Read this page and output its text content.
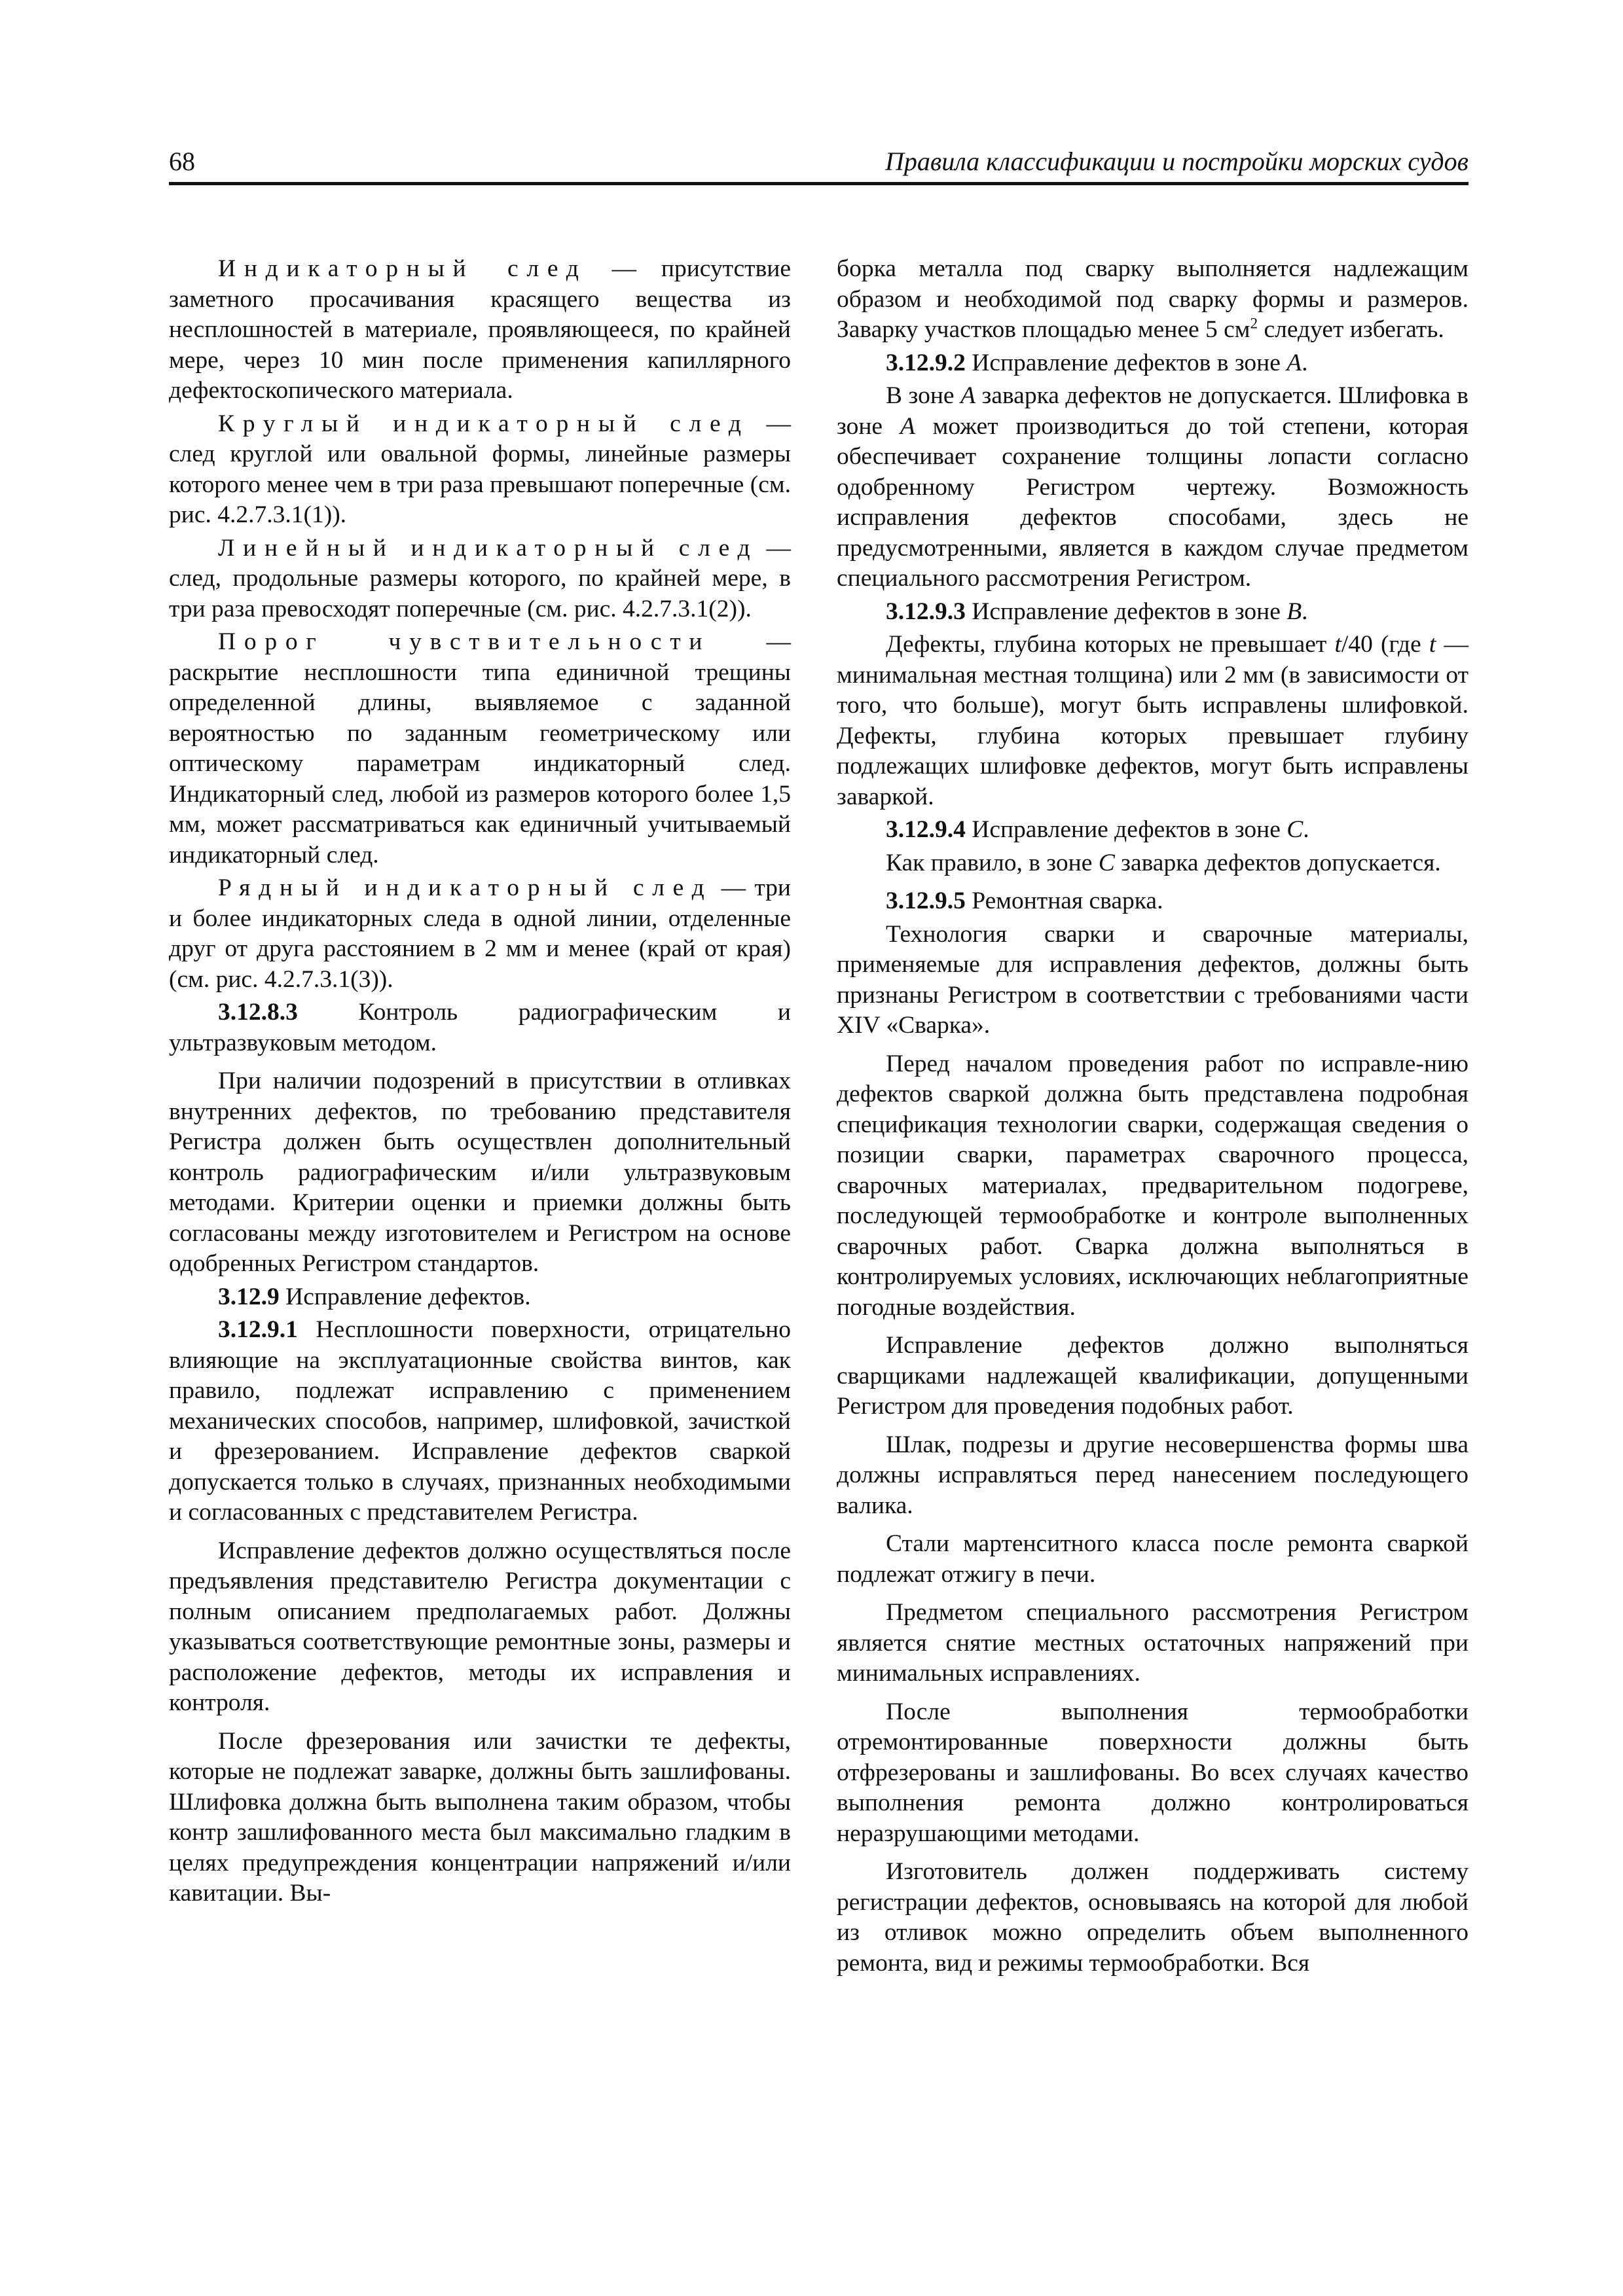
68	Правила классификации и постройки морских судов

Индикаторный след — присутствие заметного просачивания красящего вещества из несплошностей в материале, проявляющееся, по крайней мере, через 10 мин после применения капиллярного дефектоскопического материала.

Круглый индикаторный след — след круглой или овальной формы, линейные размеры которого менее чем в три раза превышают поперечные (см. рис. 4.2.7.3.1(1)).

Линейный индикаторный след — след, продольные размеры которого, по крайней мере, в три раза превосходят поперечные (см. рис. 4.2.7.3.1(2)).

Порог чувствительности — раскрытие несплошности типа единичной трещины определенной длины, выявляемое с заданной вероятностью по заданным геометрическому или оптическому параметрам индикаторный след. Индикаторный след, любой из размеров которого более 1,5 мм, может рассматриваться как единичный учитываемый индикаторный след.

Рядный индикаторный след — три и более индикаторных следа в одной линии, отделенные друг от друга расстоянием в 2 мм и менее (край от края) (см. рис. 4.2.7.3.1(3)).

3.12.8.3 Контроль радиографическим и ультразвуковым методом.

При наличии подозрений в присутствии в отливках внутренних дефектов, по требованию представителя Регистра должен быть осуществлен дополнительный контроль радиографическим и/или ультразвуковым методами. Критерии оценки и приемки должны быть согласованы между изготовителем и Регистром на основе одобренных Регистром стандартов.

3.12.9 Исправление дефектов.

3.12.9.1 Несплошности поверхности, отрицательно влияющие на эксплуатационные свойства винтов, как правило, подлежат исправлению с применением механических способов, например, шлифовкой, зачисткой и фрезерованием. Исправление дефектов сваркой допускается только в случаях, признанных необходимыми и согласованных с представителем Регистра.

Исправление дефектов должно осуществляться после предъявления представителю Регистра документации с полным описанием предполагаемых работ. Должны указываться соответствующие ремонтные зоны, размеры и расположение дефектов, методы их исправления и контроля.

После фрезерования или зачистки те дефекты, которые не подлежат заварке, должны быть зашлифованы. Шлифовка должна быть выполнена таким образом, чтобы контр зашлифованного места был максимально гладким в целях предупреждения концентрации напряжений и/или кавитации. Вы-

борка металла под сварку выполняется надлежащим образом и необходимой под сварку формы и размеров. Заварку участков площадью менее 5 $см^2$ следует избегать.

3.12.9.2 Исправление дефектов в зоне A.

В зоне A заварка дефектов не допускается. Шлифовка в зоне A может производиться до той степени, которая обеспечивает сохранение толщины лопасти согласно одобренному Регистром чертежу. Возможность исправления дефектов способами, здесь не предусмотренными, является в каждом случае предметом специального рассмотрения Регистром.

3.12.9.3 Исправление дефектов в зоне B.

Дефекты, глубина которых не превышает t/40 (где t — минимальная местная толщина) или 2 мм (в зависимости от того, что больше), могут быть исправлены шлифовкой. Дефекты, глубина которых превышает глубину подлежащих шлифовке дефектов, могут быть исправлены заваркой.

3.12.9.4 Исправление дефектов в зоне C.

Как правило, в зоне C заварка дефектов допускается.

3.12.9.5 Ремонтная сварка.

Технология сварки и сварочные материалы, применяемые для исправления дефектов, должны быть признаны Регистром в соответствии с требованиями части XIV «Сварка».

Перед началом проведения работ по исправле-нию дефектов сваркой должна быть представлена подробная спецификация технологии сварки, содержащая сведения о позиции сварки, параметрах сварочного процесса, сварочных материалах, предварительном подогреве, последующей термообработке и контроле выполненных сварочных работ. Сварка должна выполняться в контролируемых условиях, исключающих неблагоприятные погодные воздействия.

Исправление дефектов должно выполняться сварщиками надлежащей квалификации, допущенными Регистром для проведения подобных работ.

Шлак, подрезы и другие несовершенства формы шва должны исправляться перед нанесением последующего валика.

Стали мартенситного класса после ремонта сваркой подлежат отжигу в печи.

Предметом специального рассмотрения Регистром является снятие местных остаточных напряжений при минимальных исправлениях.

После выполнения термообработки отремонтированные поверхности должны быть отфрезерованы и зашлифованы. Во всех случаях качество выполнения ремонта должно контролироваться неразрушающими методами.

Изготовитель должен поддерживать систему регистрации дефектов, основываясь на которой для любой из отливок можно определить объем выполненного ремонта, вид и режимы термообработки. Вся
